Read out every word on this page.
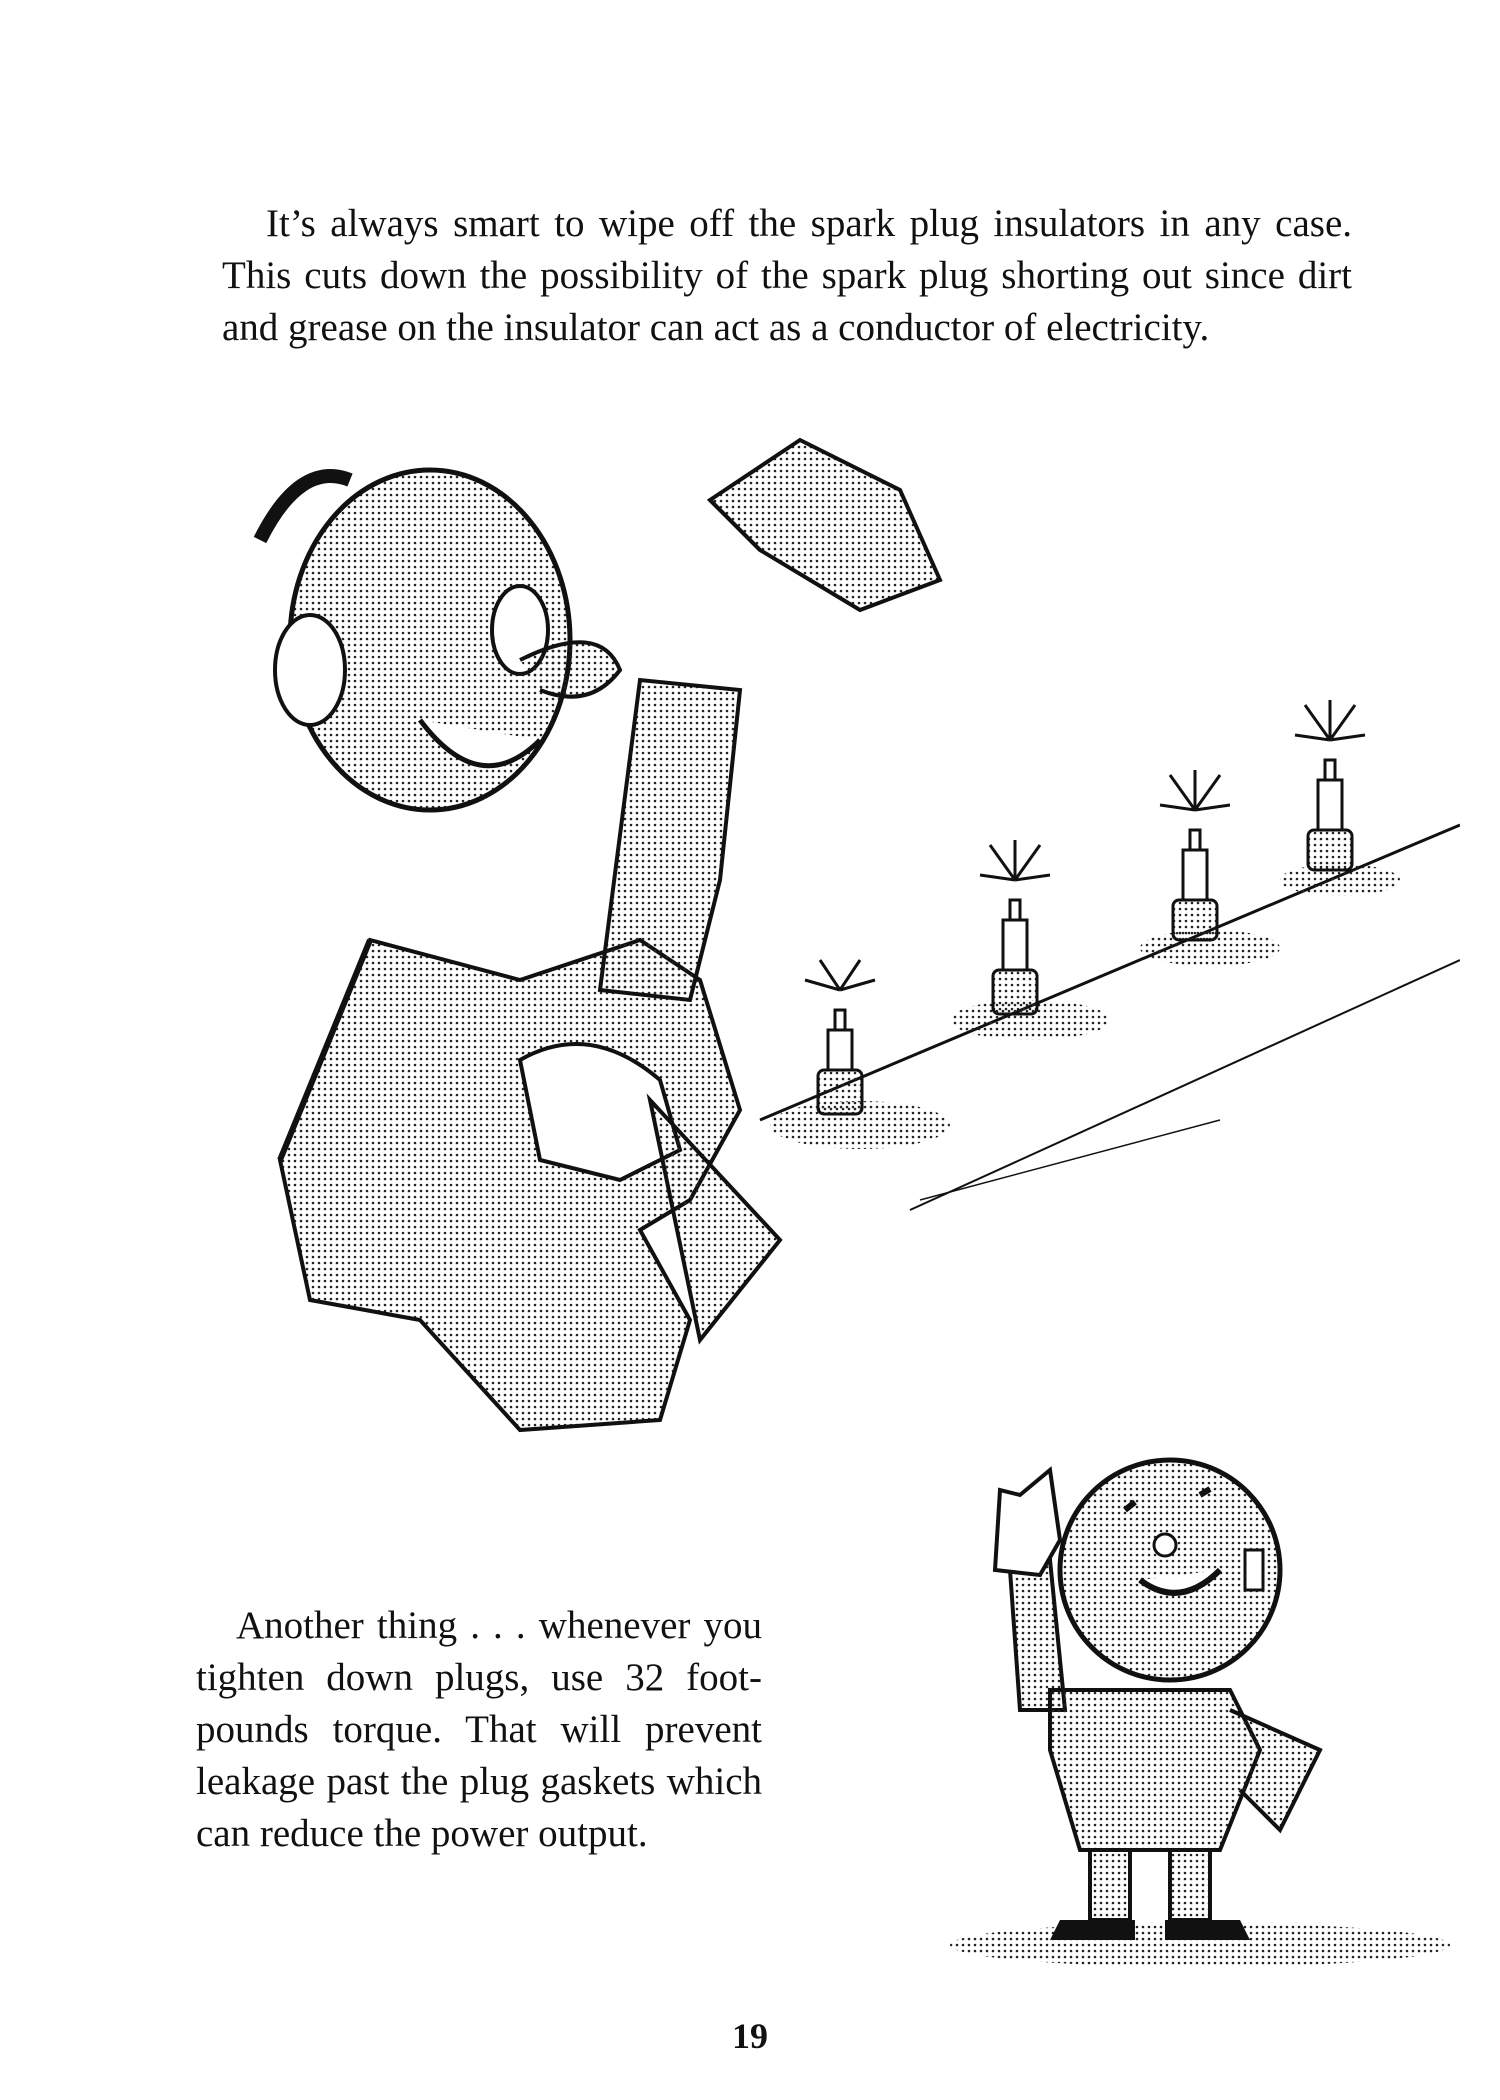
It’s always smart to wipe off the spark plug insulators in any case. This cuts down the possibility of the spark plug shorting out since dirt and grease on the insulator can act as a conductor of electricity.

Another thing . . . whenever you tighten down plugs, use 32 foot-pounds torque. That will prevent leakage past the plug gaskets which can reduce the power output.

19
